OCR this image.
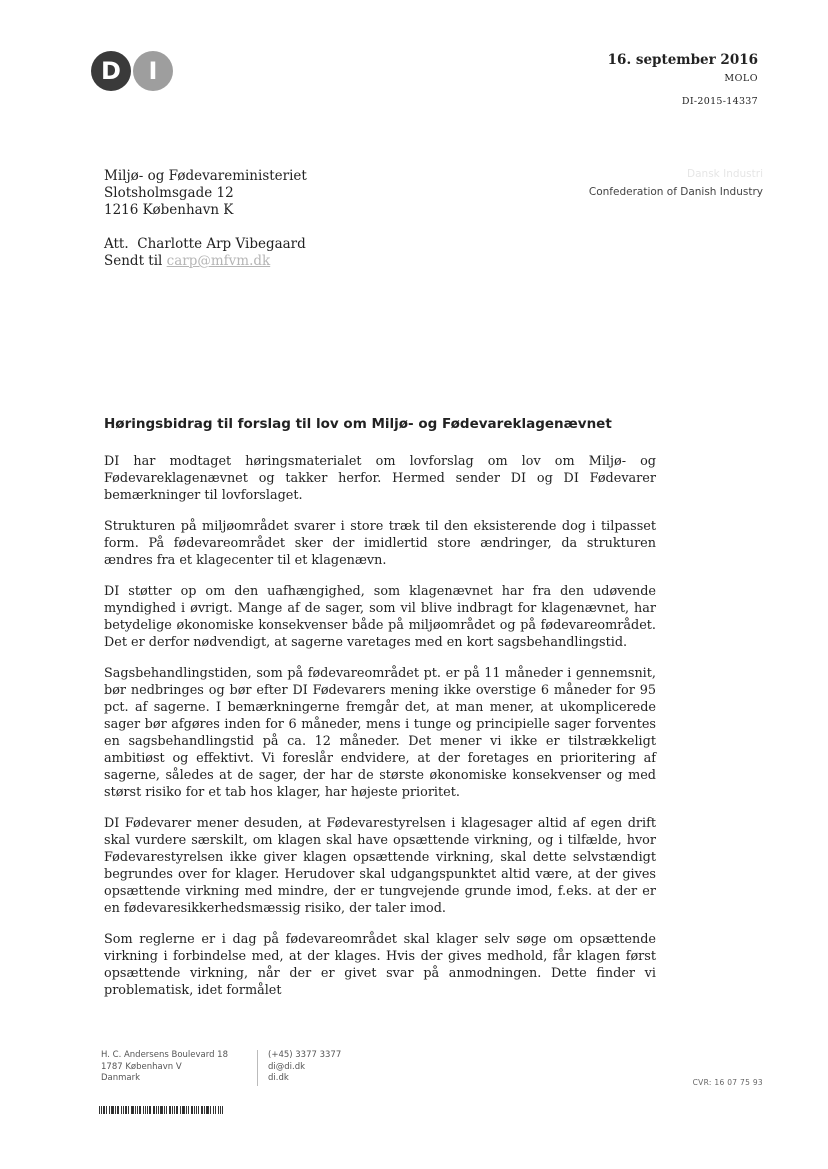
D	I	16. september 2016
MOLO
DI-2015-14337
Dansk Industri
Confederation of Danish Industry
Miljø- og Fødevareministeriet
Slotsholmsgade 12
1216 København K
Att. Charlotte Arp Vibegaard
Sendt til carp@mfvm.dk
Høringsbidrag til forslag til lov om Miljø- og Fødevareklagenævnet

DI har modtaget høringsmaterialet om lovforslag om lov om Miljø- og Fødevareklagenævnet og takker herfor. Hermed sender DI og DI Fødevarer bemærkninger til lovforslaget.

Strukturen på miljøområdet svarer i store træk til den eksisterende dog i tilpasset form. På fødevareområdet sker der imidlertid store ændringer, da strukturen ændres fra et klagecenter til et klagenævn.

DI støtter op om den uafhængighed, som klagenævnet har fra den udøvende myndighed i øvrigt. Mange af de sager, som vil blive indbragt for klagenævnet, har betydelige økonomiske konsekvenser både på miljøområdet og på fødevareområdet. Det er derfor nødvendigt, at sagerne varetages med en kort sagsbehandlingstid.

Sagsbehandlingstiden, som på fødevareområdet pt. er på 11 måneder i gennemsnit, bør nedbringes og bør efter DI Fødevarers mening ikke overstige 6 måneder for 95 pct. af sagerne. I bemærkningerne fremgår det, at man mener, at ukomplicerede sager bør afgøres inden for 6 måneder, mens i tunge og principielle sager forventes en sagsbehandlingstid på ca. 12 måneder. Det mener vi ikke er tilstrækkeligt ambitiøst og effektivt. Vi foreslår endvidere, at der foretages en prioritering af sagerne, således at de sager, der har de største økonomiske konsekvenser og med størst risiko for et tab hos klager, har højeste prioritet.

DI Fødevarer mener desuden, at Fødevarestyrelsen i klagesager altid af egen drift skal vurdere særskilt, om klagen skal have opsættende virkning, og i tilfælde, hvor Fødevarestyrelsen ikke giver klagen opsættende virkning, skal dette selvstændigt begrundes over for klager. Herudover skal udgangspunktet altid være, at der gives opsættende virkning med mindre, der er tungvejende grunde imod, f.eks. at der er en fødevaresikkerhedsmæssig risiko, der taler imod.

Som reglerne er i dag på fødevareområdet skal klager selv søge om opsættende virkning i forbindelse med, at der klages. Hvis der gives medhold, får klagen først opsættende virkning, når der er givet svar på anmodningen. Dette finder vi problematisk, idet formålet

H. C. Andersens Boulevard 18
1787 København V
Danmark
(+45) 3377 3377
di@di.dk
di.dk	CVR: 16 07 75 93
